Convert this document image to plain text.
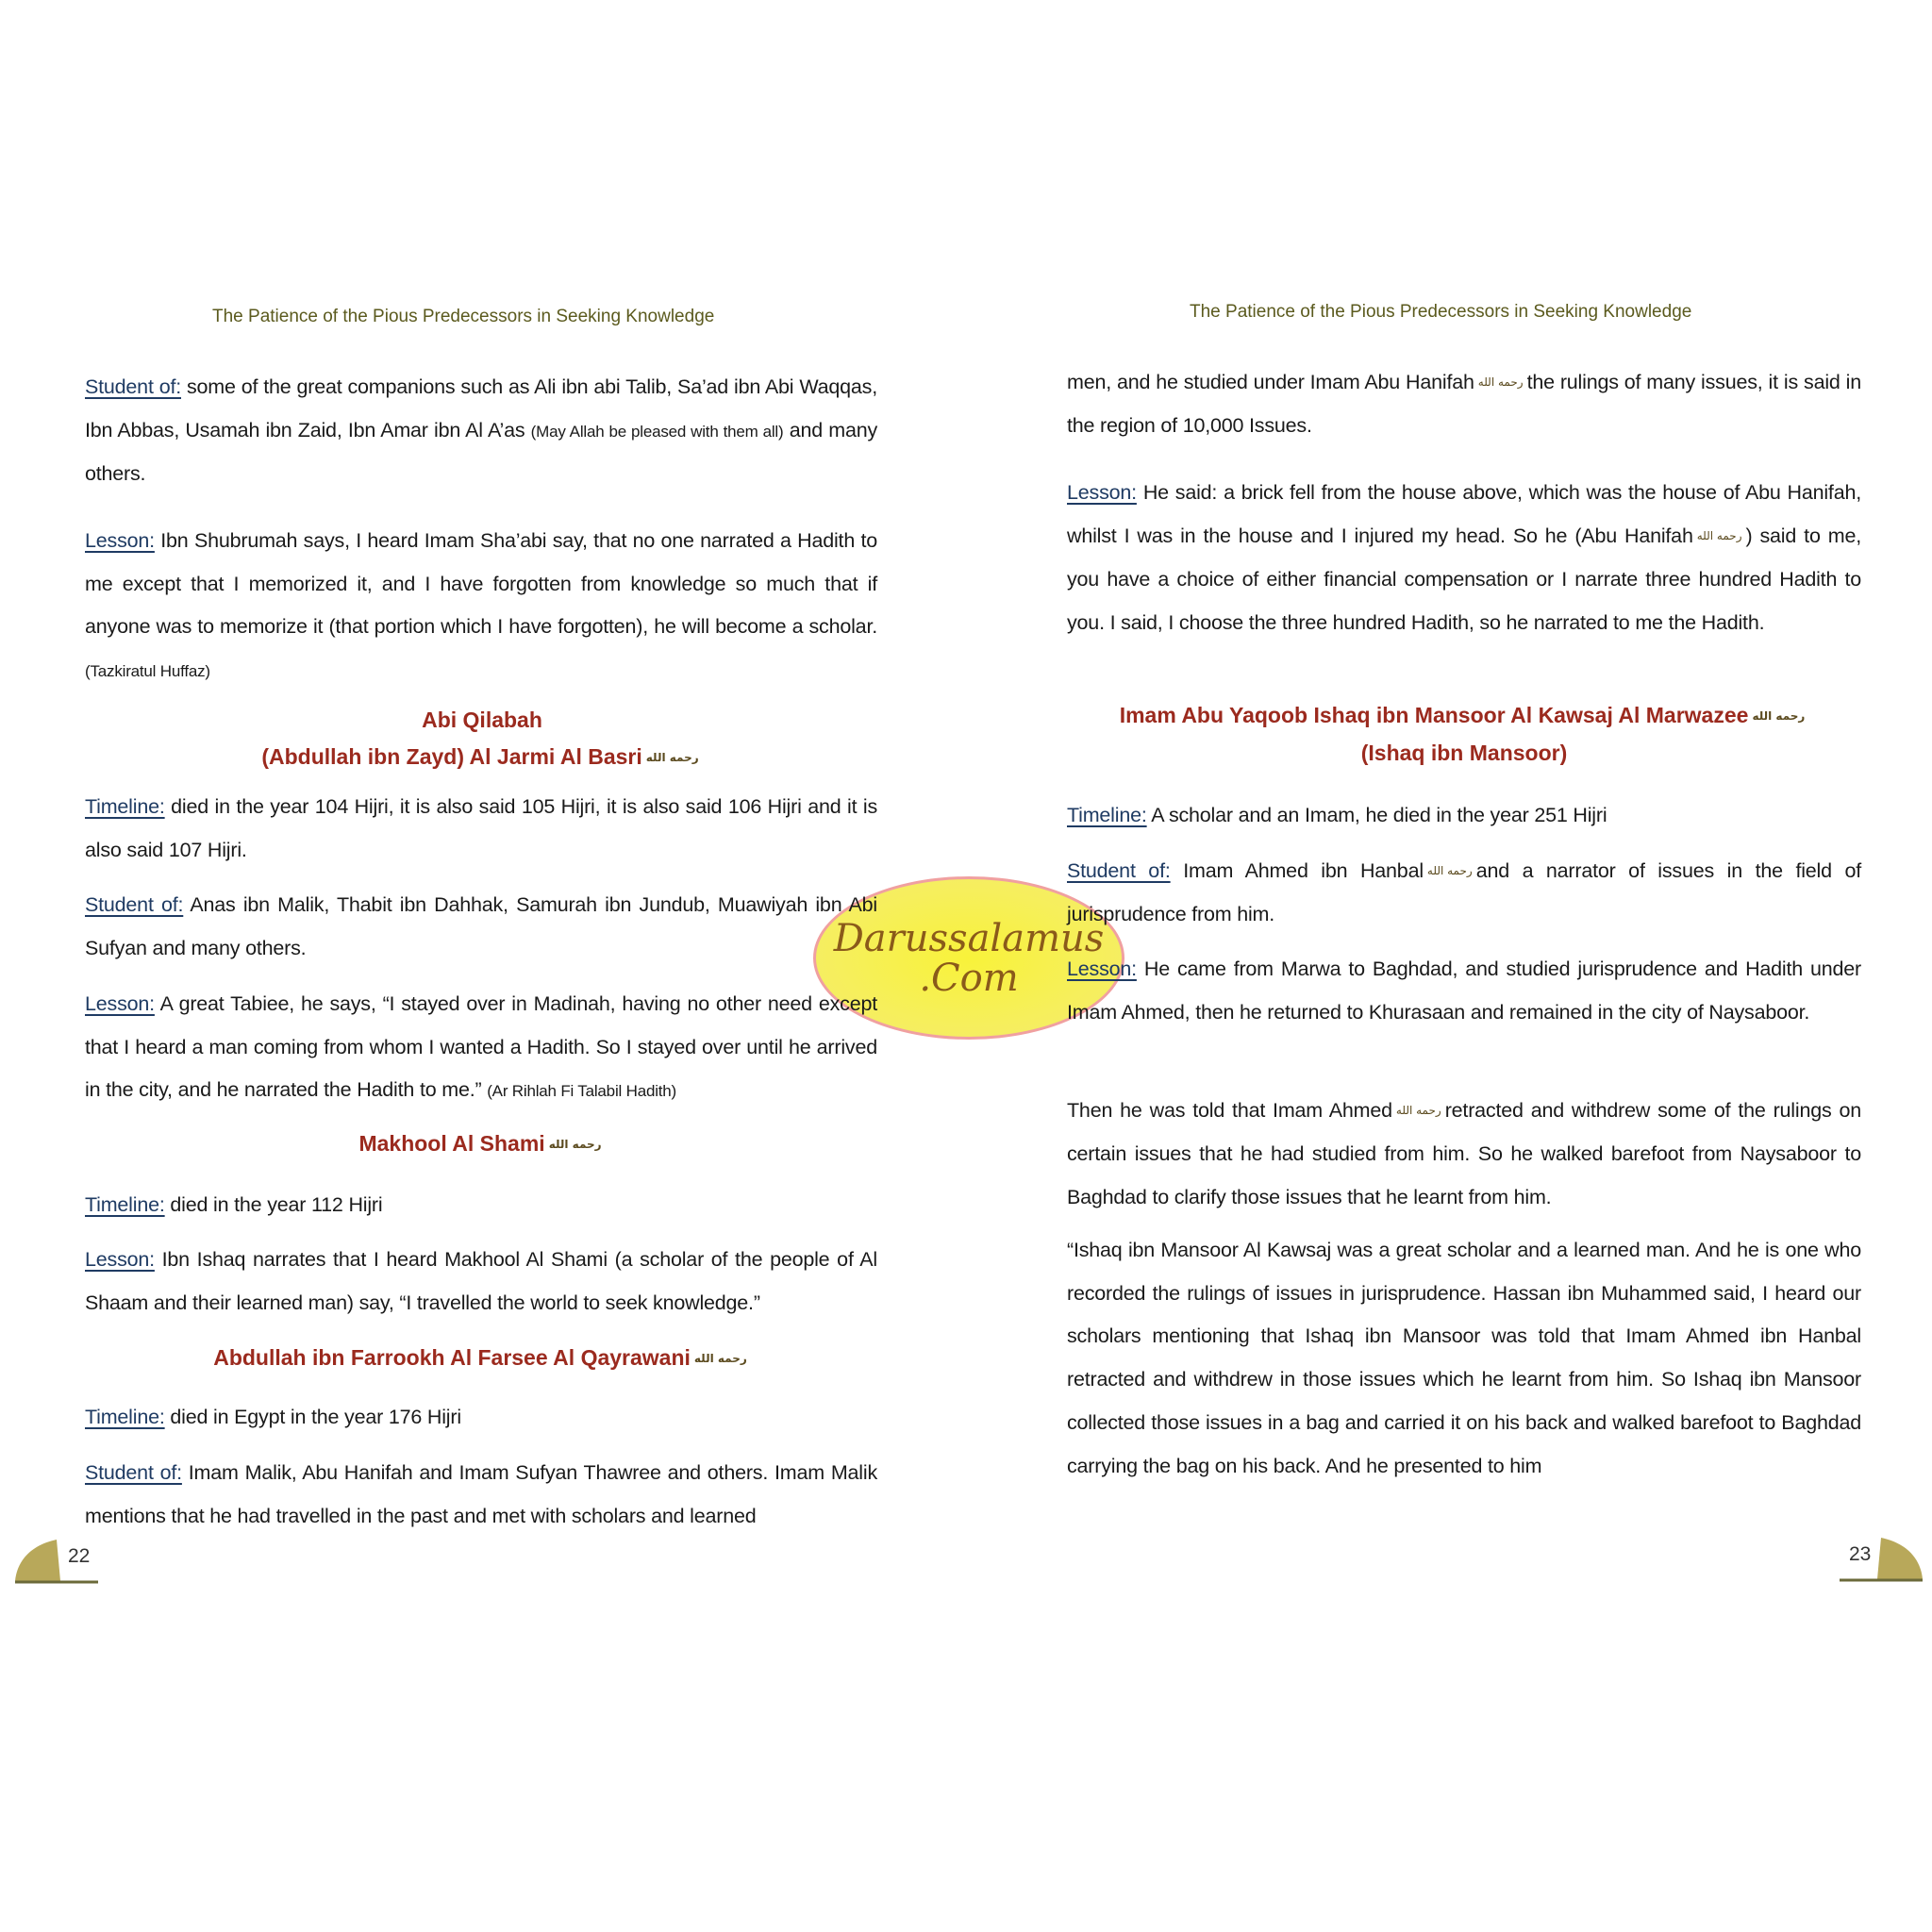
Darussalamus
.Com
The Patience of the Pious Predecessors in Seeking Knowledge
Student of: some of the great companions such as Ali ibn abi Talib, Sa’ad ibn Abi Waqqas, Ibn Abbas, Usamah ibn Zaid, Ibn Amar ibn Al A’as (May Allah be pleased with them all) and many others.
Lesson: Ibn Shubrumah says, I heard Imam Sha’abi say, that no one narrated a Hadith to me except that I memorized it, and I have forgotten from knowledge so much that if anyone was to memorize it (that portion which I have forgotten), he will become a scholar. (Tazkiratul Huffaz)
Abi Qilabah
(Abdullah ibn Zayd) Al Jarmi Al Basriرحمه الله
Timeline: died in the year 104 Hijri, it is also said 105 Hijri, it is also said 106 Hijri and it is also said 107 Hijri.
Student of: Anas ibn Malik, Thabit ibn Dahhak, Samurah ibn Jundub, Muawiyah ibn Abi Sufyan and many others.
Lesson: A great Tabiee, he says, “I stayed over in Madinah, having no other need except that I heard a man coming from whom I wanted a Hadith. So I stayed over until he arrived in the city, and he narrated the Hadith to me.” (Ar Rihlah Fi Talabil Hadith)
Makhool Al Shamiرحمه الله
Timeline: died in the year 112 Hijri
Lesson: Ibn Ishaq narrates that I heard Makhool Al Shami (a scholar of the people of Al Shaam and their learned man) say, “I travelled the world to seek knowledge.”
Abdullah ibn Farrookh Al Farsee Al Qayrawaniرحمه الله
Timeline: died in Egypt in the year 176 Hijri
Student of: Imam Malik, Abu Hanifah and Imam Sufyan Thawree and others. Imam Malik mentions that he had travelled in the past and met with scholars and learned
22
The Patience of the Pious Predecessors in Seeking Knowledge
men, and he studied under Imam Abu Hanifah رحمه الله	the rulings of many issues, it is said in the region of 10,000 Issues.
Lesson: He said: a brick fell from the house above, which was the house of Abu Hanifah, whilst I was in the house and I injured my head. So he (Abu Hanifah رحمه الله	) said to me, you have a choice of either financial compensation or I narrate three hundred Hadith to you. I said, I choose the three hundred Hadith, so he narrated to me the Hadith.
Imam Abu Yaqoob Ishaq ibn Mansoor Al Kawsaj Al Marwazeeرحمه الله
(Ishaq ibn Mansoor)
Timeline: A scholar and an Imam, he died in the year 251 Hijri
Student of: Imam Ahmed ibn Hanbal رحمه الله	and a narrator of issues in the field of jurisprudence from him.
Lesson: He came from Marwa to Baghdad, and studied jurisprudence and Hadith under Imam Ahmed, then he returned to Khurasaan and remained in the city of Naysaboor.
Then he was told that Imam Ahmed رحمه الله	retracted and withdrew some of the rulings on certain issues that he had studied from him. So he walked barefoot from Naysaboor to Baghdad to clarify those issues that he learnt from him.
“Ishaq ibn Mansoor Al Kawsaj was a great scholar and a learned man. And he is one who recorded the rulings of issues in jurisprudence. Hassan ibn Muhammed said, I heard our scholars mentioning that Ishaq ibn Mansoor was told that Imam Ahmed ibn Hanbal retracted and withdrew in those issues which he learnt from him. So Ishaq ibn Mansoor collected those issues in a bag and carried it on his back and walked barefoot to Baghdad carrying the bag on his back. And he presented to him
23
